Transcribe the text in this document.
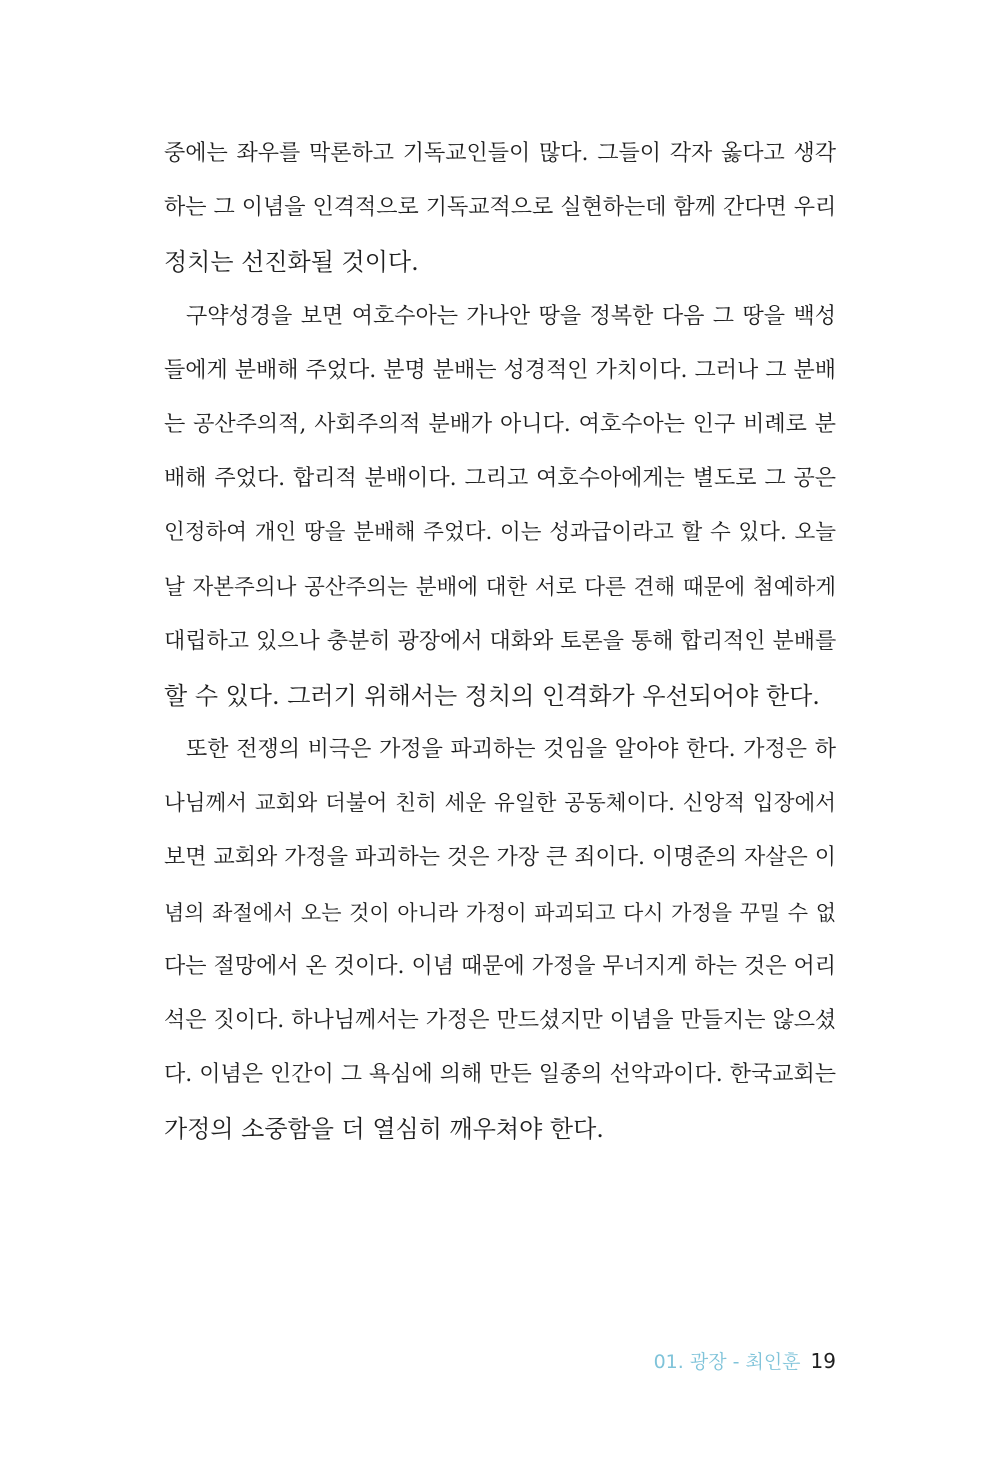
중에는 좌우를 막론하고 기독교인들이 많다. 그들이 각자 옳다고 생각
하는 그 이념을 인격적으로 기독교적으로 실현하는데 함께 간다면 우리
정치는 선진화될 것이다.
구약성경을 보면 여호수아는 가나안 땅을 정복한 다음 그 땅을 백성
들에게 분배해 주었다. 분명 분배는 성경적인 가치이다. 그러나 그 분배
는 공산주의적, 사회주의적 분배가 아니다. 여호수아는 인구 비례로 분
배해 주었다. 합리적 분배이다. 그리고 여호수아에게는 별도로 그 공은
인정하여 개인 땅을 분배해 주었다. 이는 성과급이라고 할 수 있다. 오늘
날 자본주의나 공산주의는 분배에 대한 서로 다른 견해 때문에 첨예하게
대립하고 있으나 충분히 광장에서 대화와 토론을 통해 합리적인 분배를
할 수 있다. 그러기 위해서는 정치의 인격화가 우선되어야 한다.
또한 전쟁의 비극은 가정을 파괴하는 것임을 알아야 한다. 가정은 하
나님께서 교회와 더불어 친히 세운 유일한 공동체이다. 신앙적 입장에서
보면 교회와 가정을 파괴하는 것은 가장 큰 죄이다. 이명준의 자살은 이
념의 좌절에서 오는 것이 아니라 가정이 파괴되고 다시 가정을 꾸밀 수 없
다는 절망에서 온 것이다. 이념 때문에 가정을 무너지게 하는 것은 어리
석은 짓이다. 하나님께서는 가정은 만드셨지만 이념을 만들지는 않으셨
다. 이념은 인간이 그 욕심에 의해 만든 일종의 선악과이다. 한국교회는
가정의 소중함을 더 열심히 깨우쳐야 한다.
01. 광장 - 최인훈 19
